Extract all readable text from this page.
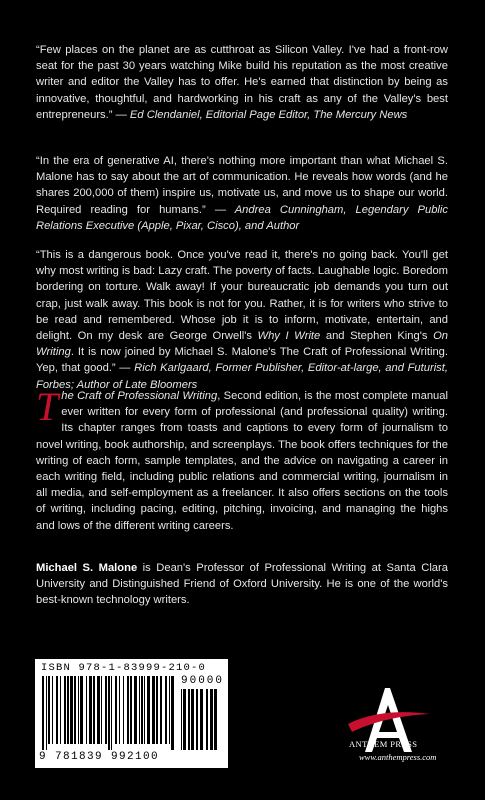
“Few places on the planet are as cutthroat as Silicon Valley. I've had a front-row seat for the past 30 years watching Mike build his reputation as the most creative writer and editor the Valley has to offer. He's earned that distinction by being as innovative, thoughtful, and hardworking in his craft as any of the Valley's best entrepreneurs.” — Ed Clendaniel, Editorial Page Editor, The Mercury News
“In the era of generative AI, there's nothing more important than what Michael S. Malone has to say about the art of communication. He reveals how words (and he shares 200,000 of them) inspire us, motivate us, and move us to shape our world. Required reading for humans.” — Andrea Cunningham, Legendary Public Relations Executive (Apple, Pixar, Cisco), and Author
“This is a dangerous book. Once you've read it, there's no going back. You'll get why most writing is bad: Lazy craft. The poverty of facts. Laughable logic. Boredom bordering on torture. Walk away! If your bureaucratic job demands you turn out crap, just walk away. This book is not for you. Rather, it is for writers who strive to be read and remembered. Whose job it is to inform, motivate, entertain, and delight. On my desk are George Orwell's Why I Write and Stephen King's On Writing. It is now joined by Michael S. Malone's The Craft of Professional Writing. Yep, that good.” — Rich Karlgaard, Former Publisher, Editor-at-large, and Futurist, Forbes; Author of Late Bloomers
The Craft of Professional Writing, Second edition, is the most complete manual ever written for every form of professional (and professional quality) writing. Its chapter ranges from toasts and captions to every form of journalism to novel writing, book authorship, and screenplays. The book offers techniques for the writing of each form, sample templates, and the advice on navigating a career in each writing field, including public relations and commercial writing, journalism in all media, and self-employment as a freelancer. It also offers sections on the tools of writing, including pacing, editing, pitching, invoicing, and managing the highs and lows of the different writing careers.
Michael S. Malone is Dean's Professor of Professional Writing at Santa Clara University and Distinguished Friend of Oxford University. He is one of the world's best-known technology writers.
ISBN 978-1-83999-210-0
90000
9 781839 992100
ANTHEM PRESS
www.anthempress.com
